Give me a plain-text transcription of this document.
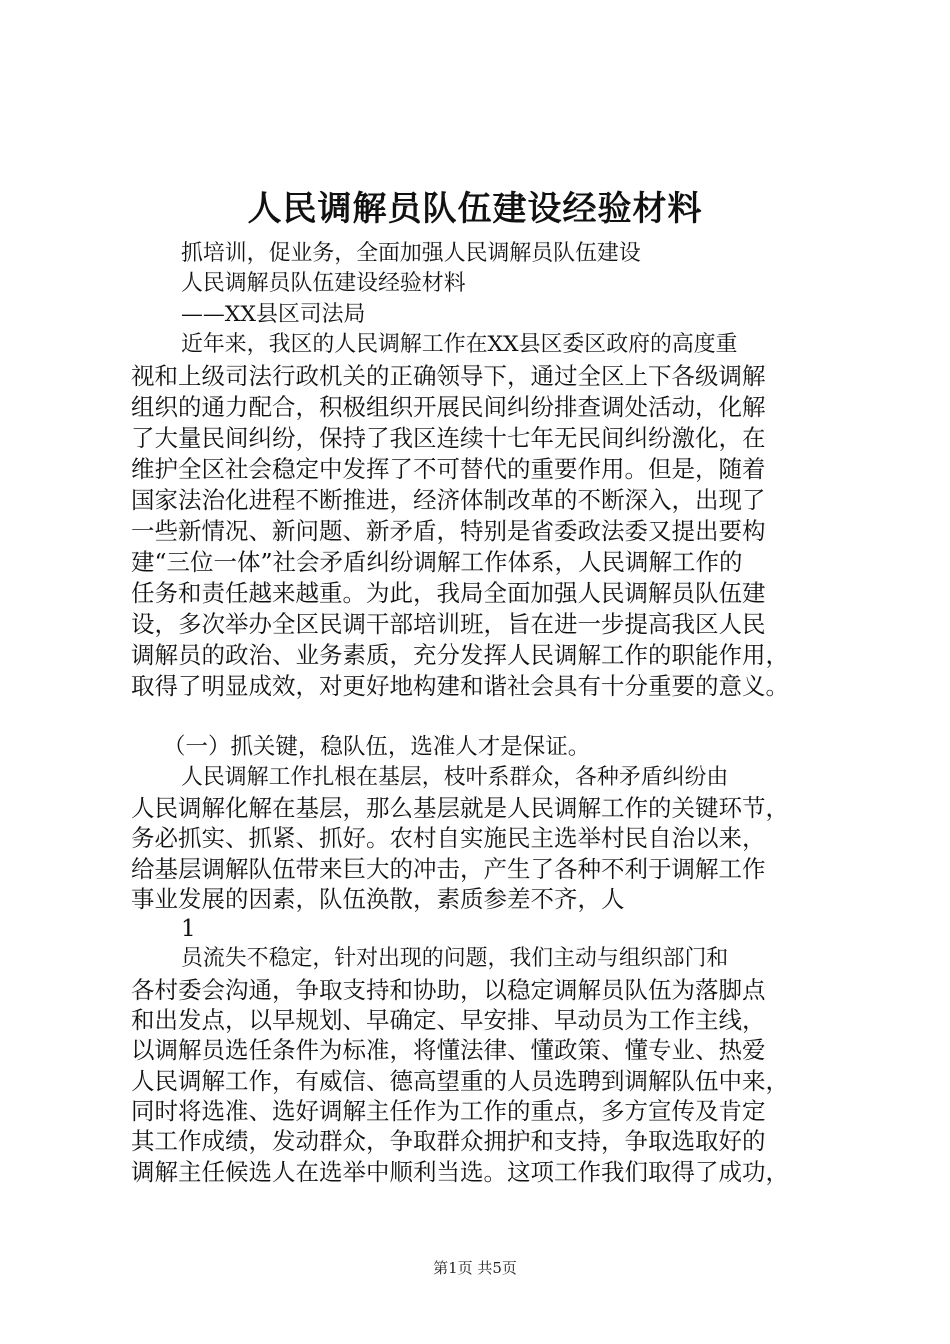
人民调解员队伍建设经验材料
抓培训，促业务，全面加强人民调解员队伍建设
人民调解员队伍建设经验材料
——XX县区司法局
近年来，我区的人民调解工作在XX县区委区政府的高度重
视和上级司法行政机关的正确领导下，通过全区上下各级调解
组织的通力配合，积极组织开展民间纠纷排查调处活动，化解
了大量民间纠纷，保持了我区连续十七年无民间纠纷激化，在
维护全区社会稳定中发挥了不可替代的重要作用。但是，随着
国家法治化进程不断推进，经济体制改革的不断深入，出现了
一些新情况、新问题、新矛盾，特别是省委政法委又提出要构
建“三位一体”社会矛盾纠纷调解工作体系，人民调解工作的
任务和责任越来越重。为此，我局全面加强人民调解员队伍建
设，多次举办全区民调干部培训班，旨在进一步提高我区人民
调解员的政治、业务素质，充分发挥人民调解工作的职能作用，
取得了明显成效，对更好地构建和谐社会具有十分重要的意义。
（一）抓关键，稳队伍，选准人才是保证。
人民调解工作扎根在基层，枝叶系群众，各种矛盾纠纷由
人民调解化解在基层，那么基层就是人民调解工作的关键环节，
务必抓实、抓紧、抓好。农村自实施民主选举村民自治以来，
给基层调解队伍带来巨大的冲击，产生了各种不利于调解工作
事业发展的因素，队伍涣散，素质参差不齐，人
1
员流失不稳定，针对出现的问题，我们主动与组织部门和
各村委会沟通，争取支持和协助，以稳定调解员队伍为落脚点
和出发点，以早规划、早确定、早安排、早动员为工作主线，
以调解员选任条件为标准，将懂法律、懂政策、懂专业、热爱
人民调解工作，有威信、德高望重的人员选聘到调解队伍中来，
同时将选准、选好调解主任作为工作的重点，多方宣传及肯定
其工作成绩，发动群众，争取群众拥护和支持，争取选取好的
调解主任候选人在选举中顺利当选。这项工作我们取得了成功，
第1页 共5页
